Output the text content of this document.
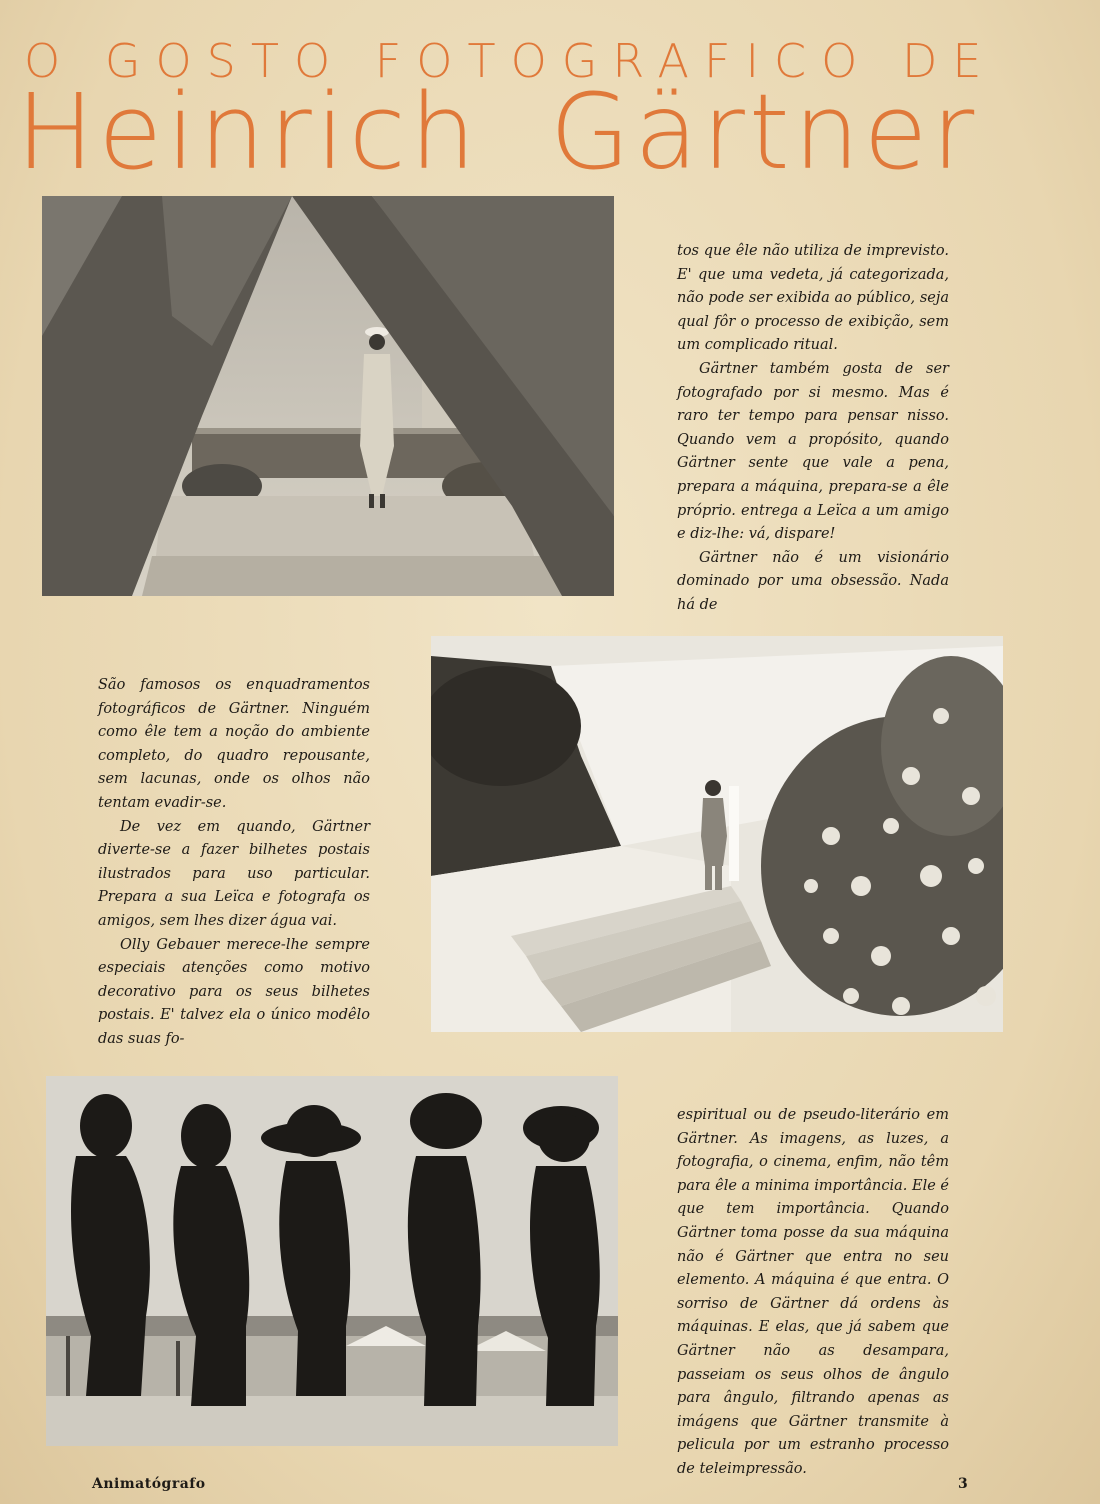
O GOSTO FOTOGRAFICO DE
Heinrich Gärtner

tos que êle não utiliza de imprevisto. E' que uma vedeta, já categorizada, não pode ser exibida ao público, seja qual fôr o processo de exibição, sem um complicado ritual.

Gärtner também gosta de ser fotografado por si mesmo. Mas é raro ter tempo para pensar nisso. Quando vem a propósito, quando Gärtner sente que vale a pena, prepara a máquina, prepara-se a êle próprio. entrega a Leïca a um amigo e diz-lhe: vá, dispare!

Gärtner não é um visionário dominado por uma obsessão. Nada há de

São famosos os enquadramentos fotográficos de Gärtner. Ninguém como êle tem a noção do ambiente completo, do quadro repousante, sem lacunas, onde os olhos não tentam evadir-se.

De vez em quando, Gärtner diverte-se a fazer bilhetes postais ilustrados para uso particular. Prepara a sua Leïca e fotografa os amigos, sem lhes dizer água vai.

Olly Gebauer merece-lhe sempre especiais atenções como motivo decorativo para os seus bilhetes postais. E' talvez ela o único modêlo das suas fo-

espiritual ou de pseudo-literário em Gärtner. As imagens, as luzes, a fotografia, o cinema, enfim, não têm para êle a minima importância. Ele é que tem importância. Quando Gärtner toma posse da sua máquina não é Gärtner que entra no seu elemento. A máquina é que entra. O sorriso de Gärtner dá ordens às máquinas. E elas, que já sabem que Gärtner não as desampara, passeiam os seus olhos de ângulo para ângulo, filtrando apenas as imágens que Gärtner transmite à pelicula por um estranho processo de teleimpressão.

Animatógrafo	3
